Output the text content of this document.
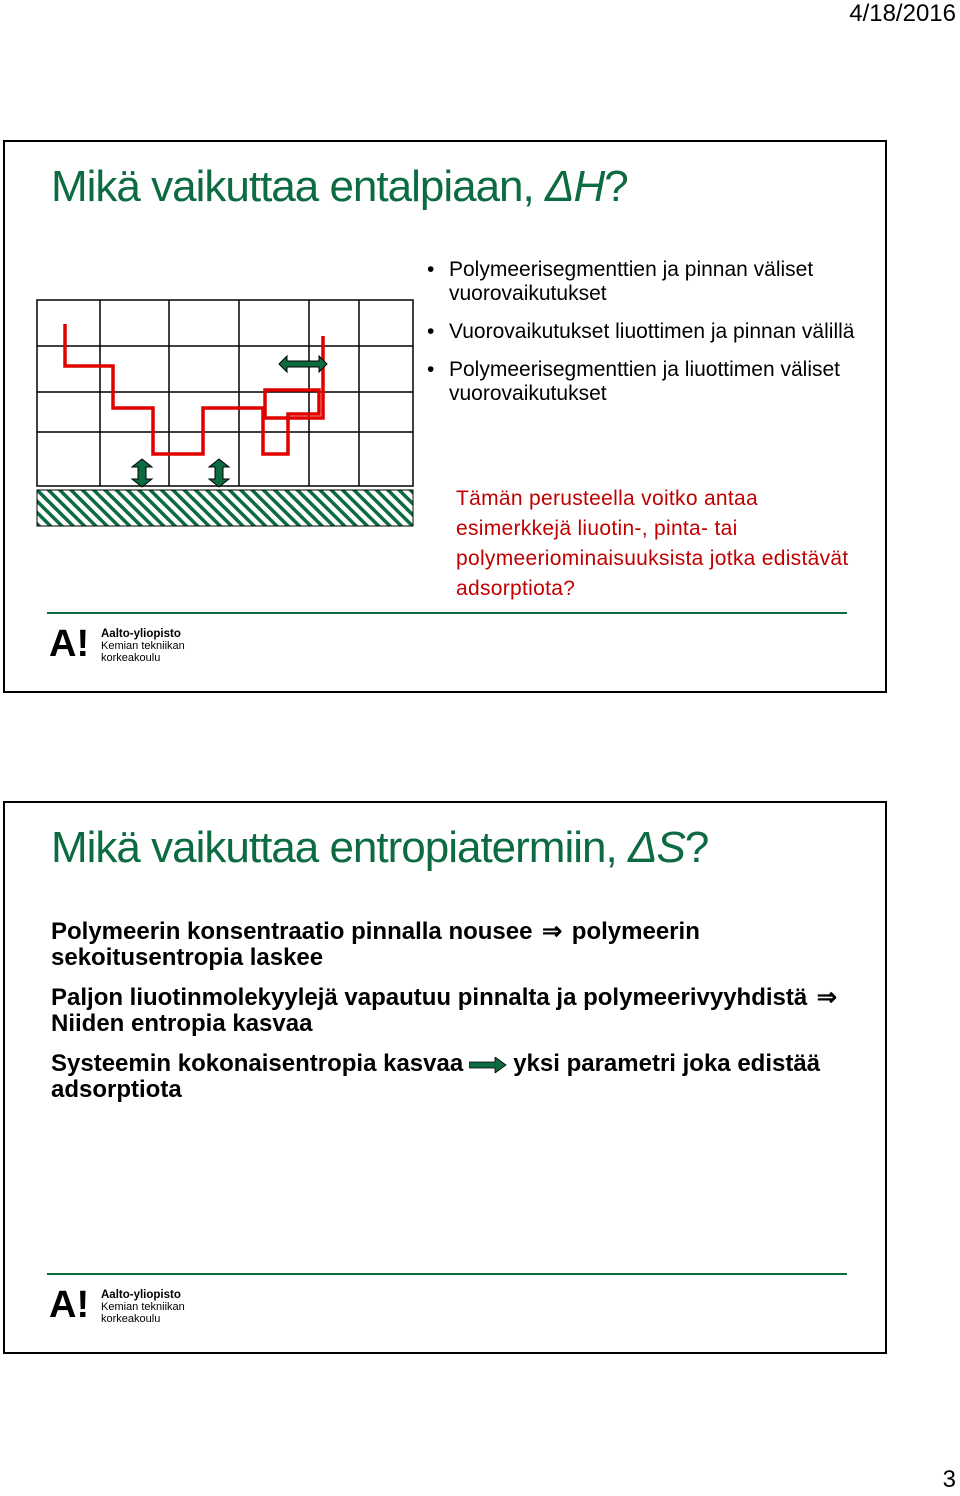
4/18/2016
Mikä vaikuttaa entalpiaan, ΔH?
• Polymeerisegmenttien ja pinnan väliset vuorovaikutukset
• Vuorovaikutukset liuottimen ja pinnan välillä
• Polymeerisegmenttien ja liuottimen väliset vuorovaikutukset
Tämän perusteella voitko antaa esimerkkejä liuotin-, pinta- tai polymeeriominaisuuksista jotka edistävät adsorptiota?
A! Aalto-yliopisto
Kemian tekniikan
korkeakoulu
Mikä vaikuttaa entropiatermiin, ΔS?

Polymeerin konsentraatio pinnalla nousee ⇒ polymeerin sekoitusentropia laskee

Paljon liuotinmolekyylejä vapautuu pinnalta ja polymeerivyyhdistä ⇒ Niiden entropia kasvaa

Systeemin kokonaisentropia kasvaa yksi parametri joka edistää adsorptiota

A! Aalto-yliopisto
Kemian tekniikan
korkeakoulu
3
